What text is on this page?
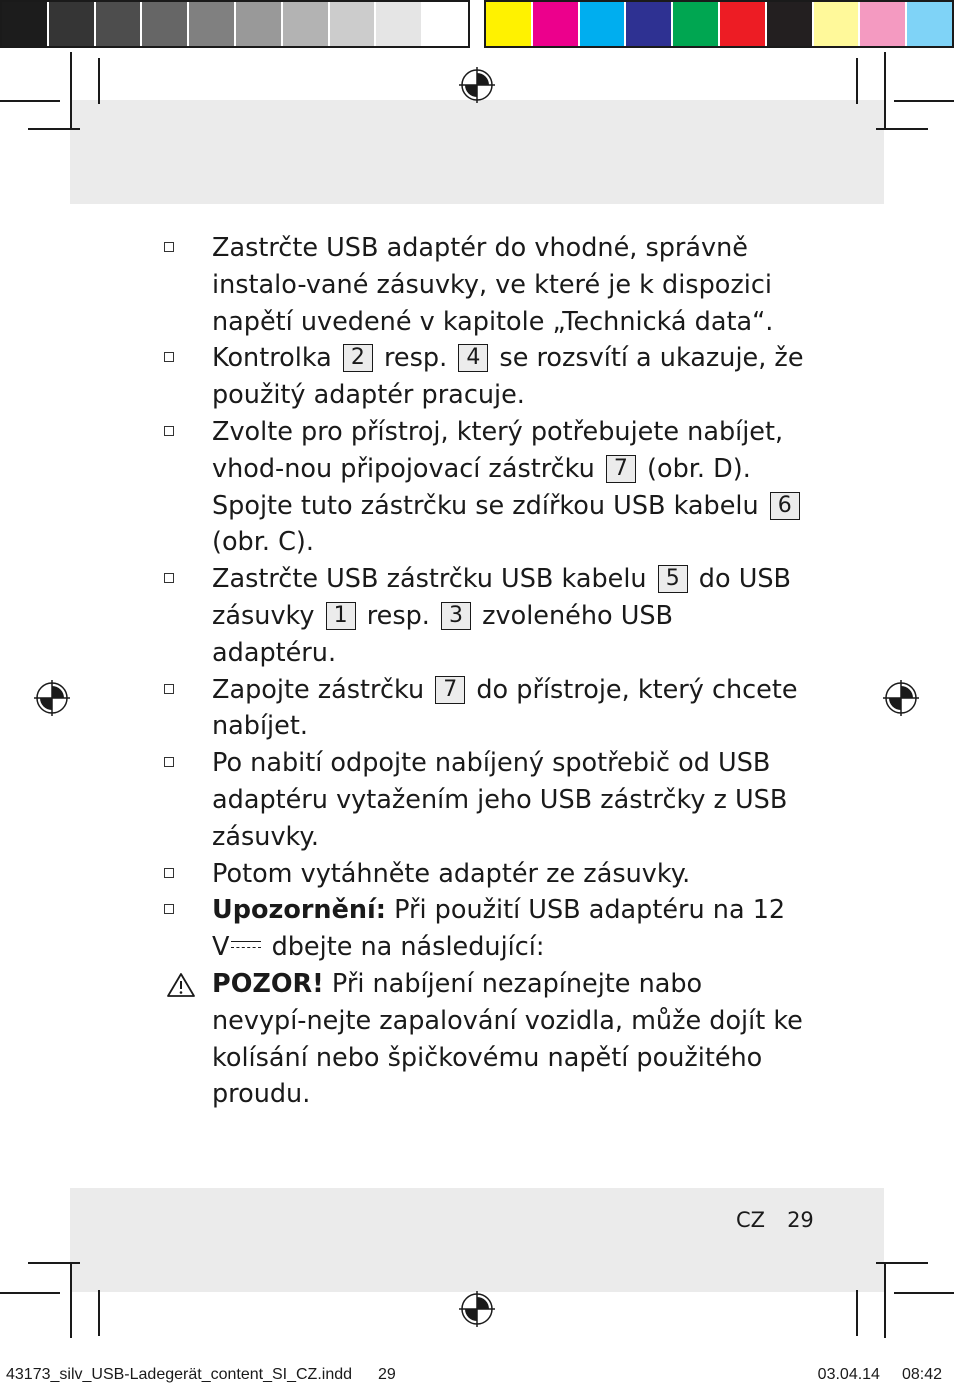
Zastrčte USB adaptér do vhodné, správně instalo-vané zásuvky, ve které je k dispozici napětí uvedené v kapitole „Technická data“.

Kontrolka 2 resp. 4 se rozsvítí a ukazuje, že použitý adaptér pracuje.

Zvolte pro přístroj, který potřebujete nabíjet, vhod-nou připojovací zástrčku 7 (obr. D). Spojte tuto zástrčku se zdířkou USB kabelu 6 (obr. C).

Zastrčte USB zástrčku USB kabelu 5 do USB zásuvky 1 resp. 3 zvoleného USB adaptéru.

Zapojte zástrčku 7 do přístroje, který chcete nabíjet.

Po nabití odpojte nabíjený spotřebič od USB adaptéru vytažením jeho USB zástrčky z USB zásuvky.

Potom vytáhněte adaptér ze zásuvky.

Upozornění: Při použití USB adaptéru na 12 V dbejte na následující:

POZOR! Při nabíjení nezapínejte nabo nevypí-nejte zapalování vozidla, může dojít ke kolísání nebo špičkovému napětí použitého proudu.

CZ 29
43173_silv_USB-Ladegerät_content_SI_CZ.indd 29	03.04.14 08:42
